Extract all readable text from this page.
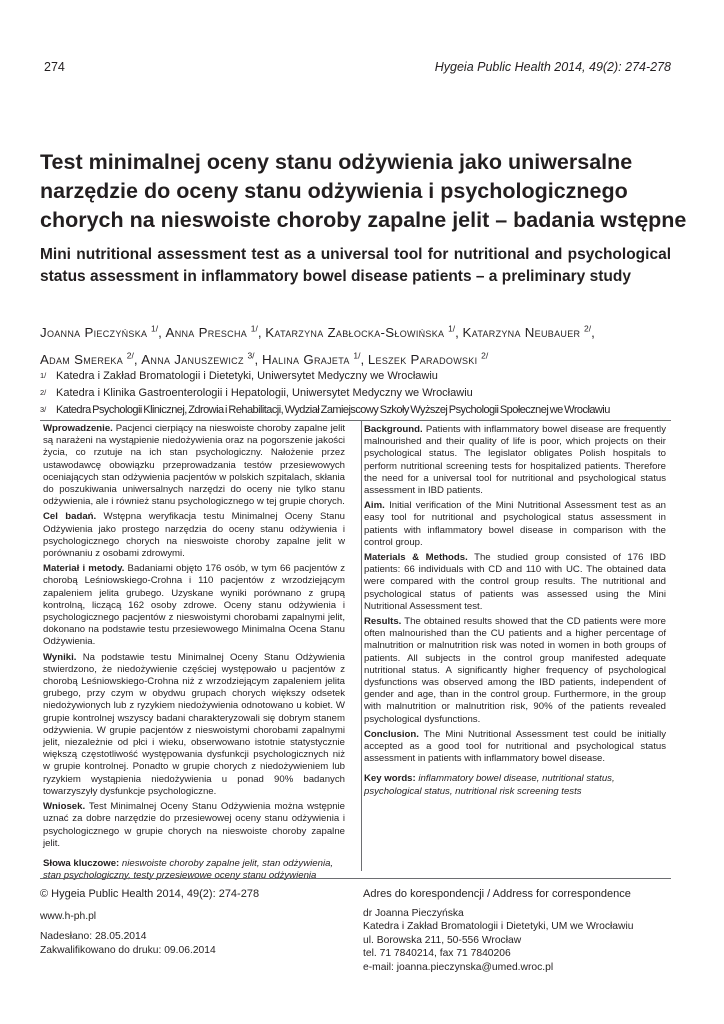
274	Hygeia Public Health 2014, 49(2): 274-278
Test minimalnej oceny stanu odżywienia jako uniwersalne narzędzie do oceny stanu odżywienia i psychologicznego chorych na nieswoiste choroby zapalne jelit – badania wstępne
Mini nutritional assessment test as a universal tool for nutritional and psychological status assessment in inflammatory bowel disease patients – a preliminary study

Joanna Pieczyńska $^{1/}$, Anna Prescha $^{1/}$, Katarzyna Zabłocka-Słowińska $^{1/}$, Katarzyna Neubauer $^{2/}$,
Adam Smereka $^{2/}$, Anna Januszewicz $^{3/}$, Halina Grajeta $^{1/}$, Leszek Paradowski $^{2/}$

1/ Katedra i Zakład Bromatologii i Dietetyki, Uniwersytet Medyczny we Wrocławiu
2/ Katedra i Klinika Gastroenterologii i Hepatologii, Uniwersytet Medyczny we Wrocławiu
3/ Katedra Psychologii Klinicznej, Zdrowia i Rehabilitacji, Wydział Zamiejscowy Szkoły Wyższej Psychologii Społecznej we Wrocławiu

Wprowadzenie. Pacjenci cierpiący na nieswoiste choroby zapalne jelit są narażeni na wystąpienie niedożywienia oraz na pogorszenie jakości życia, co rzutuje na ich stan psychologiczny. Nałożenie przez ustawodawcę obowiązku przeprowadzania testów przesiewowych oceniających stan odżywienia pacjentów w polskich szpitalach, skłania do poszukiwania uniwersalnych narzędzi do oceny nie tylko stanu odżywienia, ale i również stanu psychologicznego w tej grupie chorych.

Cel badań. Wstępna weryfikacja testu Minimalnej Oceny Stanu Odżywienia jako prostego narzędzia do oceny stanu odżywienia i psychologicznego chorych na nieswoiste choroby zapalne jelit w porównaniu z osobami zdrowymi.

Materiał i metody. Badaniami objęto 176 osób, w tym 66 pacjentów z chorobą Leśniowskiego-Crohna i 110 pacjentów z wrzodziejącym zapaleniem jelita grubego. Uzyskane wyniki porównano z grupą kontrolną, liczącą 162 osoby zdrowe. Oceny stanu odżywienia i psychologicznego pacjentów z nieswoistymi chorobami zapalnymi jelit, dokonano na podstawie testu przesiewowego Minimalna Ocena Stanu Odżywienia.

Wyniki. Na podstawie testu Minimalnej Oceny Stanu Odżywienia stwierdzono, że niedożywienie częściej występowało u pacjentów z chorobą Leśniowskiego-Crohna niż z wrzodziejącym zapaleniem jelita grubego, przy czym w obydwu grupach chorych większy odsetek niedożywionych lub z ryzykiem niedożywienia odnotowano u kobiet. W grupie kontrolnej wszyscy badani charakteryzowali się dobrym stanem odżywienia. W grupie pacjentów z nieswoistymi chorobami zapalnymi jelit, niezależnie od płci i wieku, obserwowano istotnie statystycznie większą częstotliwość występowania dysfunkcji psychologicznych niż w grupie kontrolnej. Ponadto w grupie chorych z niedożywieniem lub ryzykiem wystąpienia niedożywienia u ponad 90% badanych towarzyszyły dysfunkcje psychologiczne.

Wniosek. Test Minimalnej Oceny Stanu Odżywienia można wstępnie uznać za dobre narzędzie do przesiewowej oceny stanu odżywienia i psychologicznego w grupie chorych na nieswoiste choroby zapalne jelit.

Słowa kluczowe: nieswoiste choroby zapalne jelit, stan odżywienia, stan psychologiczny, testy przesiewowe oceny stanu odżywienia

Background. Patients with inflammatory bowel disease are frequently malnourished and their quality of life is poor, which projects on their psychological status. The legislator obligates Polish hospitals to perform nutritional screening tests for hospitalized patients. Therefore the need for a universal tool for nutritional and psychological status assessment in IBD patients.

Aim. Initial verification of the Mini Nutritional Assessment test as an easy tool for nutritional and psychological status assessment in patients with inflammatory bowel disease in comparison with the control group.

Materials & Methods. The studied group consisted of 176 IBD patients: 66 individuals with CD and 110 with UC. The obtained data were compared with the control group results. The nutritional and psychological status of patients was assessed using the Mini Nutritional Assessment test.

Results. The obtained results showed that the CD patients were more often malnourished than the CU patients and a higher percentage of malnutrition or malnutrition risk was noted in women in both groups of patients. All subjects in the control group manifested adequate nutritional status. A significantly higher frequency of psychological dysfunctions was observed among the IBD patients, independent of gender and age, than in the control group. Furthermore, in the group with malnutrition or malnutrition risk, 90% of the patients revealed psychological dysfunctions.

Conclusion. The Mini Nutritional Assessment test could be initially accepted as a good tool for nutritional and psychological status assessment in patients with inflammatory bowel disease.

Key words: inflammatory bowel disease, nutritional status, psychological status, nutritional risk screening tests

© Hygeia Public Health 2014, 49(2): 274-278
www.h-ph.pl
Nadesłano: 28.05.2014
Zakwalifikowano do druku: 09.06.2014
Adres do korespondencji / Address for correspondence
dr Joanna Pieczyńska
Katedra i Zakład Bromatologii i Dietetyki, UM we Wrocławiu
ul. Borowska 211, 50-556 Wrocław
tel. 71 7840214, fax 71 7840206
e-mail: joanna.pieczynska@umed.wroc.pl
